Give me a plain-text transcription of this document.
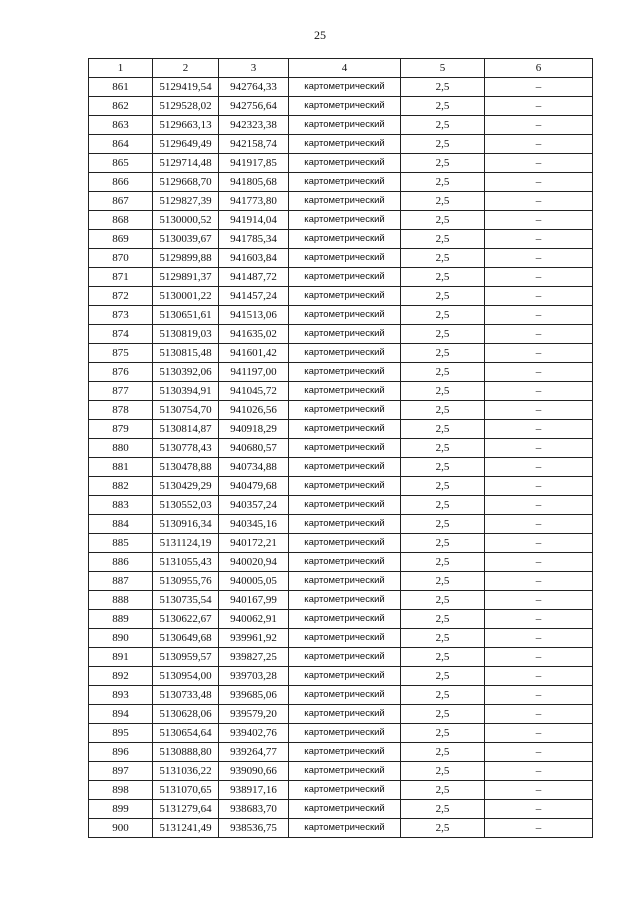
25
1	2	3	4	5	6
861	5129419,54	942764,33	картометрический	2,5	–
862	5129528,02	942756,64	картометрический	2,5	–
863	5129663,13	942323,38	картометрический	2,5	–
864	5129649,49	942158,74	картометрический	2,5	–
865	5129714,48	941917,85	картометрический	2,5	–
866	5129668,70	941805,68	картометрический	2,5	–
867	5129827,39	941773,80	картометрический	2,5	–
868	5130000,52	941914,04	картометрический	2,5	–
869	5130039,67	941785,34	картометрический	2,5	–
870	5129899,88	941603,84	картометрический	2,5	–
871	5129891,37	941487,72	картометрический	2,5	–
872	5130001,22	941457,24	картометрический	2,5	–
873	5130651,61	941513,06	картометрический	2,5	–
874	5130819,03	941635,02	картометрический	2,5	–
875	5130815,48	941601,42	картометрический	2,5	–
876	5130392,06	941197,00	картометрический	2,5	–
877	5130394,91	941045,72	картометрический	2,5	–
878	5130754,70	941026,56	картометрический	2,5	–
879	5130814,87	940918,29	картометрический	2,5	–
880	5130778,43	940680,57	картометрический	2,5	–
881	5130478,88	940734,88	картометрический	2,5	–
882	5130429,29	940479,68	картометрический	2,5	–
883	5130552,03	940357,24	картометрический	2,5	–
884	5130916,34	940345,16	картометрический	2,5	–
885	5131124,19	940172,21	картометрический	2,5	–
886	5131055,43	940020,94	картометрический	2,5	–
887	5130955,76	940005,05	картометрический	2,5	–
888	5130735,54	940167,99	картометрический	2,5	–
889	5130622,67	940062,91	картометрический	2,5	–
890	5130649,68	939961,92	картометрический	2,5	–
891	5130959,57	939827,25	картометрический	2,5	–
892	5130954,00	939703,28	картометрический	2,5	–
893	5130733,48	939685,06	картометрический	2,5	–
894	5130628,06	939579,20	картометрический	2,5	–
895	5130654,64	939402,76	картометрический	2,5	–
896	5130888,80	939264,77	картометрический	2,5	–
897	5131036,22	939090,66	картометрический	2,5	–
898	5131070,65	938917,16	картометрический	2,5	–
899	5131279,64	938683,70	картометрический	2,5	–
900	5131241,49	938536,75	картометрический	2,5	–
